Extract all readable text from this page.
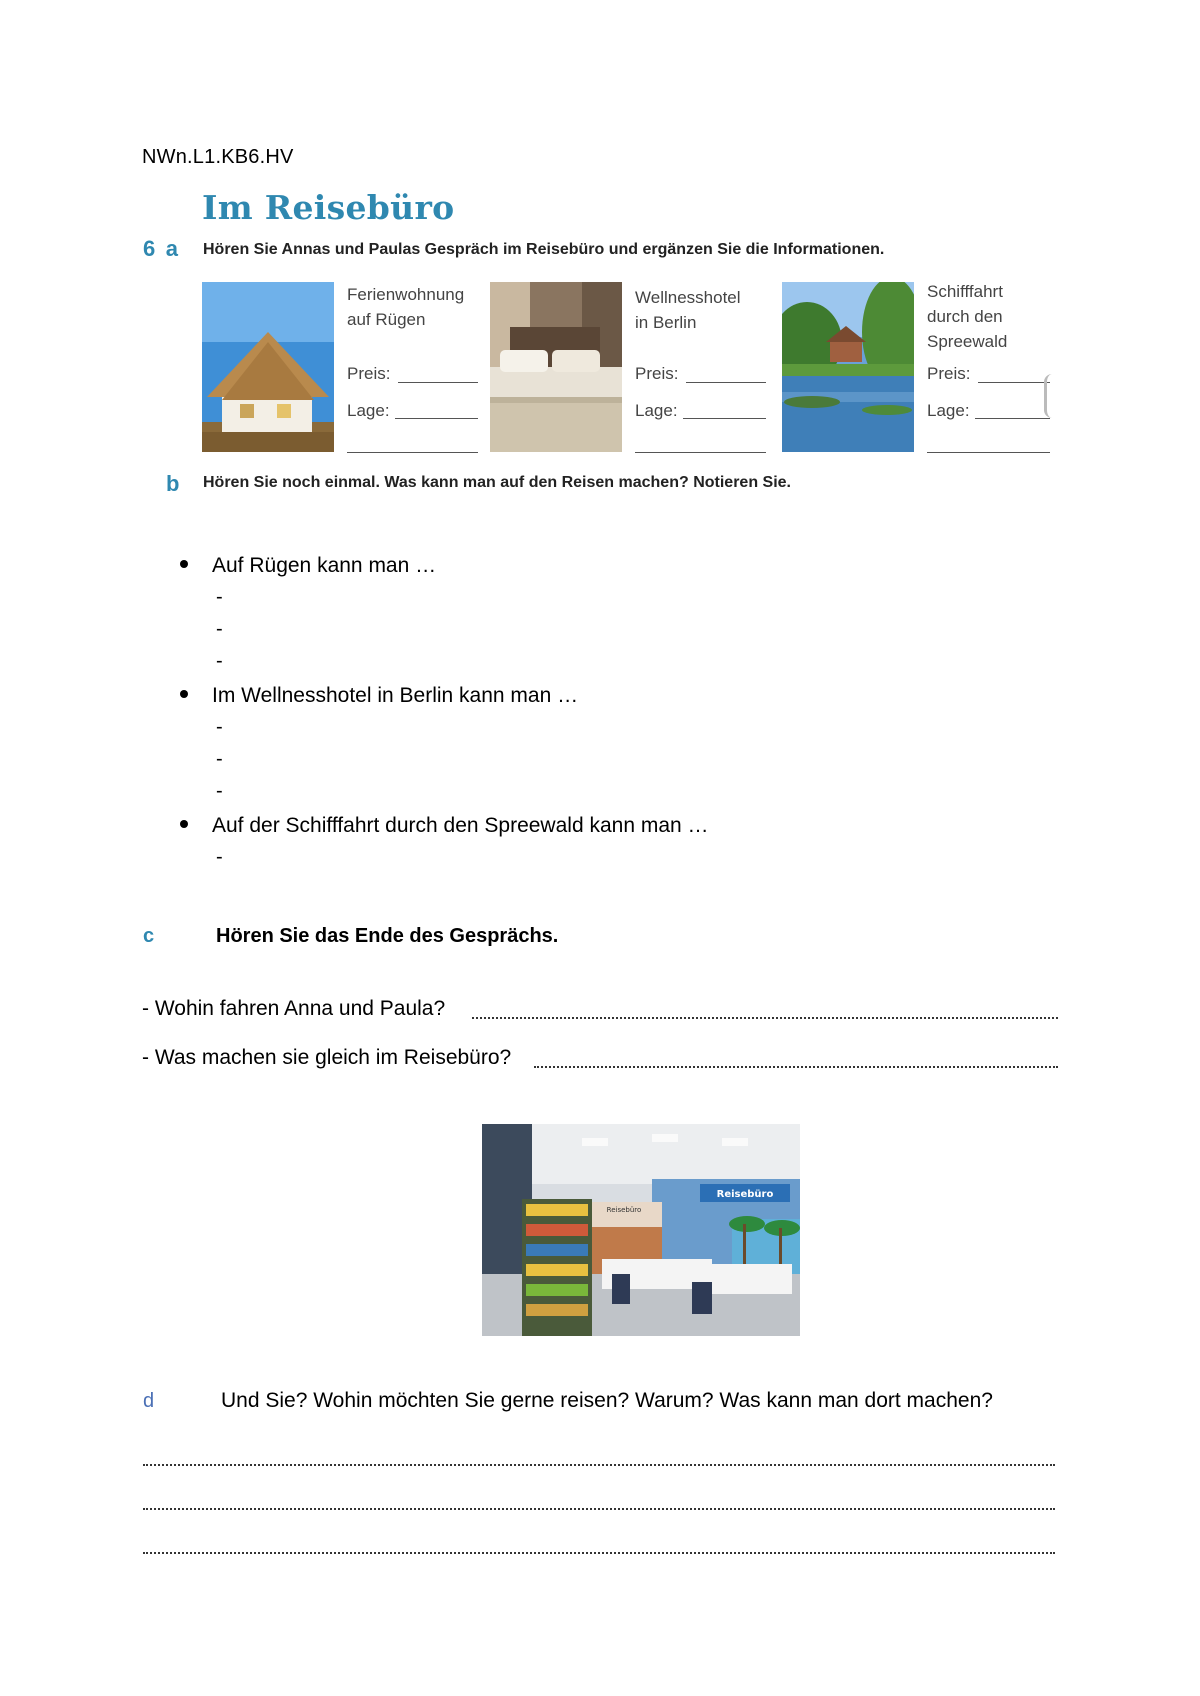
NWn.L1.KB6.HV
Im Reisebüro
6 a Hören Sie Annas und Paulas Gespräch im Reisebüro und ergänzen Sie die Informationen.
Ferienwohnung
auf Rügen
Preis:
Lage:
Wellnesshotel
in Berlin
Preis:
Lage:
Schifffahrt
durch den
Spreewald
Preis:
Lage:
b Hören Sie noch einmal. Was kann man auf den Reisen machen? Notieren Sie.
Auf Rügen kann man …
-
-
-
Im Wellnesshotel in Berlin kann man …
-
-
-
Auf der Schifffahrt durch den Spreewald kann man …
-
c	Hören Sie das Ende des Gesprächs.
- Wohin fahren Anna und Paula?
- Was machen sie gleich im Reisebüro?
Reisebüro
Reisebüro
d	Und Sie? Wohin möchten Sie gerne reisen? Warum? Was kann man dort machen?
